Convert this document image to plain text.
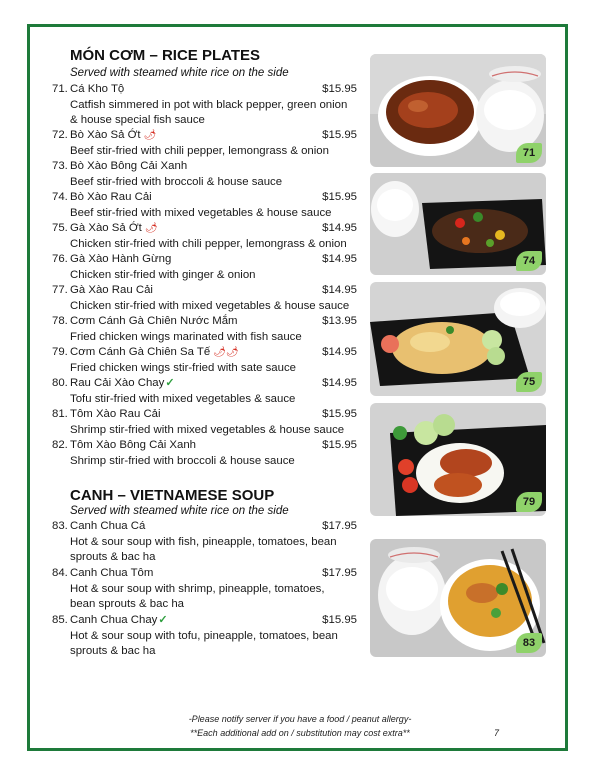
MÓN CƠM – RICE PLATES
Served with steamed white rice on the side
71. Cá Kho Tộ	$15.95
Catfish simmered in pot with black pepper, green onion
& house special fish sauce
72. Bò Xào Sả Ớt 🌶	$15.95
Beef stir-fried with chili pepper, lemongrass & onion
73. Bò Xào Bông Cải Xanh
Beef stir-fried with broccoli & house sauce
74. Bò Xào Rau Cải	$15.95
Beef stir-fried with mixed vegetables & house sauce
75. Gà Xào Sả Ớt 🌶	$14.95
Chicken stir-fried with chili pepper, lemongrass & onion
76. Gà Xào Hành Gừng	$14.95
Chicken stir-fried with ginger & onion
77. Gà Xào Rau Cải	$14.95
Chicken stir-fried with mixed vegetables & house sauce
78. Cơm Cánh Gà Chiên Nước Mắm	$13.95
Fried chicken wings marinated with fish sauce
79. Cơm Cánh Gà Chiên Sa Tế 🌶🌶	$14.95
Fried chicken wings stir-fried with sate sauce
80. Rau Cải Xào Chay✓	$14.95
Tofu stir-fried with mixed vegetables & sauce
81. Tôm Xào Rau Cải	$15.95
Shrimp stir-fried with mixed vegetables & house sauce
82. Tôm Xào Bông Cải Xanh	$15.95
Shrimp stir-fried with broccoli & house sauce
CANH – VIETNAMESE SOUP
Served with steamed white rice on the side
83. Canh Chua Cá	$17.95
Hot & sour soup with fish, pineapple, tomatoes, bean
sprouts & bac ha
84. Canh Chua Tôm	$17.95
Hot & sour soup with shrimp, pineapple, tomatoes,
bean sprouts & bac ha
85. Canh Chua Chay✓	$15.95
Hot & sour soup with tofu, pineapple, tomatoes, bean
sprouts & bac ha
71
74
75
79
83
-Please notify server if you have a food / peanut allergy-
**Each additional add on / substitution may cost extra**	7
